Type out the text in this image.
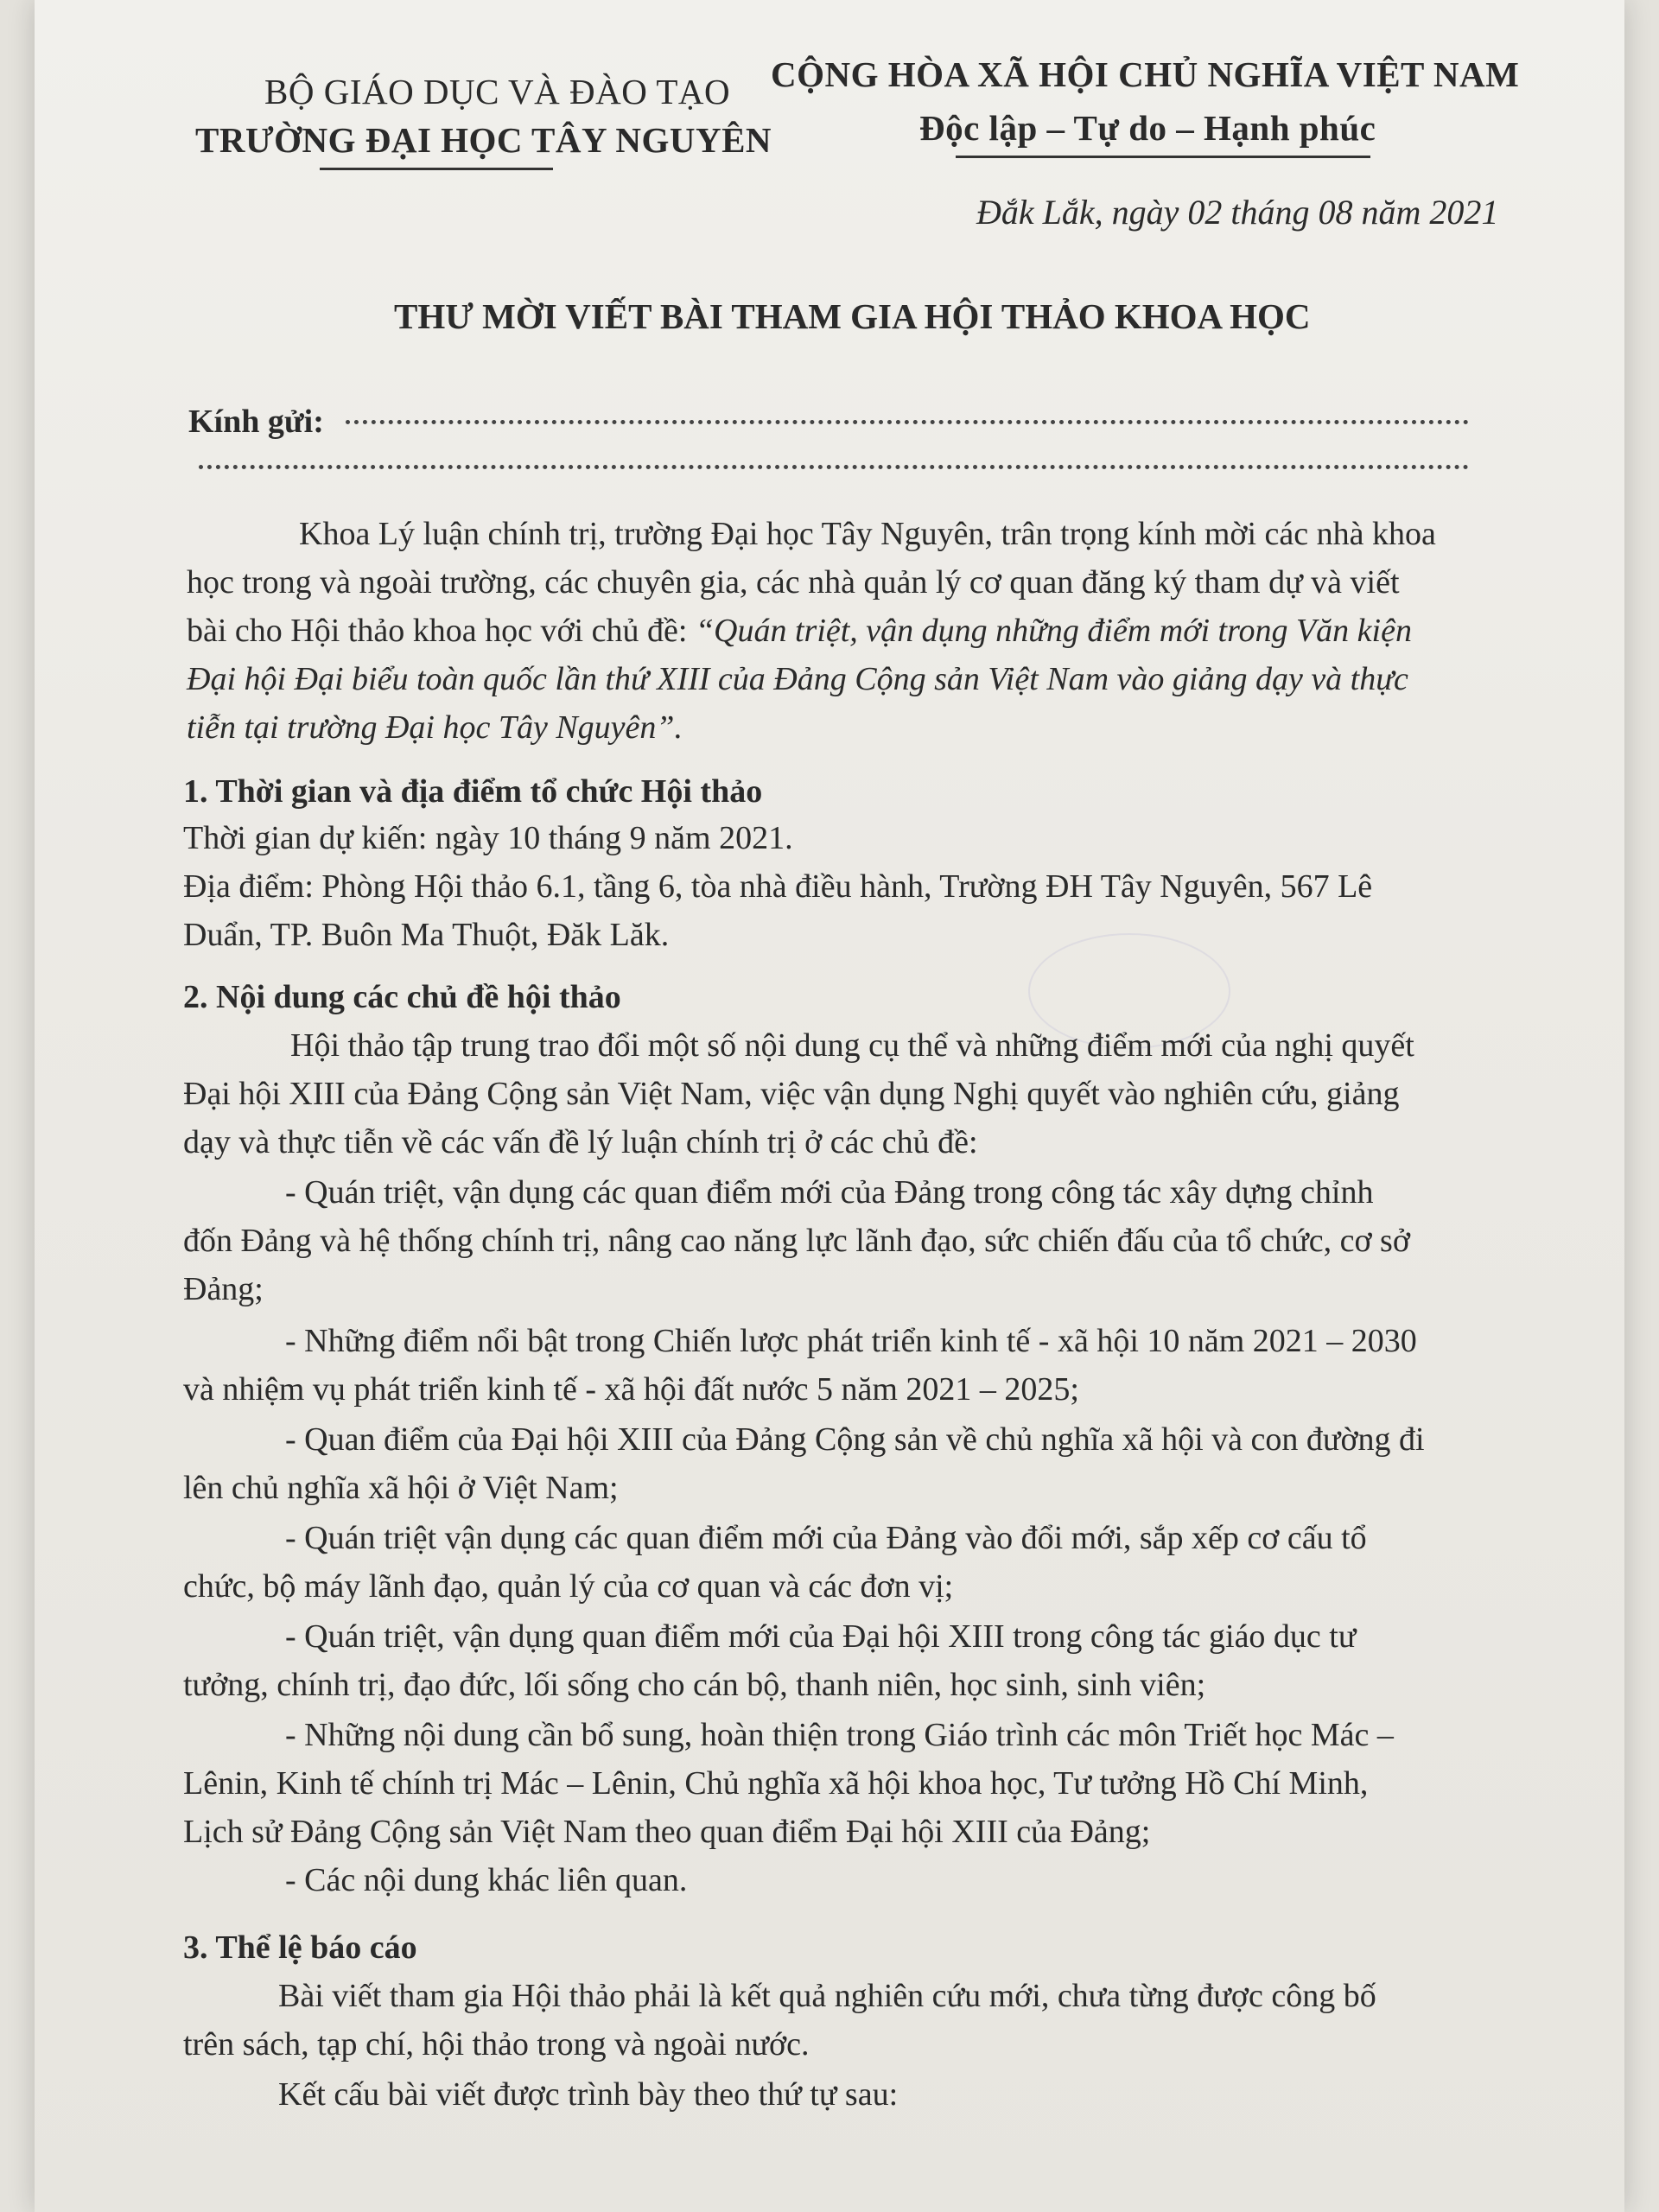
BỘ GIÁO DỤC VÀ ĐÀO TẠO
TRƯỜNG ĐẠI HỌC TÂY NGUYÊN
CỘNG HÒA XÃ HỘI CHỦ NGHĨA VIỆT NAM
Độc lập – Tự do – Hạnh phúc
Đắk Lắk, ngày 02 tháng 08 năm 2021
THƯ MỜI VIẾT BÀI THAM GIA HỘI THẢO KHOA HỌC
Kính gửi:
Khoa Lý luận chính trị, trường Đại học Tây Nguyên, trân trọng kính mời các nhà khoa
học trong và ngoài trường, các chuyên gia, các nhà quản lý cơ quan đăng ký tham dự và viết
bài cho Hội thảo khoa học với chủ đề: “Quán triệt, vận dụng những điểm mới trong Văn kiện
Đại hội Đại biểu toàn quốc lần thứ XIII của Đảng Cộng sản Việt Nam vào giảng dạy và thực
tiễn tại trường Đại học Tây Nguyên”.
1. Thời gian và địa điểm tổ chức Hội thảo
Thời gian dự kiến: ngày 10 tháng 9 năm 2021.
Địa điểm: Phòng Hội thảo 6.1, tầng 6, tòa nhà điều hành, Trường ĐH Tây Nguyên, 567 Lê
Duẩn, TP. Buôn Ma Thuột, Đăk Lăk.
2. Nội dung các chủ đề hội thảo
Hội thảo tập trung trao đổi một số nội dung cụ thể và những điểm mới của nghị quyết
Đại hội XIII của Đảng Cộng sản Việt Nam, việc vận dụng Nghị quyết vào nghiên cứu, giảng
dạy và thực tiễn về các vấn đề lý luận chính trị ở các chủ đề:
- Quán triệt, vận dụng các quan điểm mới của Đảng trong công tác xây dựng chỉnh
đốn Đảng và hệ thống chính trị, nâng cao năng lực lãnh đạo, sức chiến đấu của tổ chức, cơ sở
Đảng;
- Những điểm nổi bật trong Chiến lược phát triển kinh tế - xã hội 10 năm 2021 – 2030
và nhiệm vụ phát triển kinh tế - xã hội đất nước 5 năm 2021 – 2025;
- Quan điểm của Đại hội XIII của Đảng Cộng sản về chủ nghĩa xã hội và con đường đi
lên chủ nghĩa xã hội ở Việt Nam;
- Quán triệt vận dụng các quan điểm mới của Đảng vào đổi mới, sắp xếp cơ cấu tổ
chức, bộ máy lãnh đạo, quản lý của cơ quan và các đơn vị;
- Quán triệt, vận dụng quan điểm mới của Đại hội XIII trong công tác giáo dục tư
tưởng, chính trị, đạo đức, lối sống cho cán bộ, thanh niên, học sinh, sinh viên;
- Những nội dung cần bổ sung, hoàn thiện trong Giáo trình các môn Triết học Mác –
Lênin, Kinh tế chính trị Mác – Lênin, Chủ nghĩa xã hội khoa học, Tư tưởng Hồ Chí Minh,
Lịch sử Đảng Cộng sản Việt Nam theo quan điểm Đại hội XIII của Đảng;
- Các nội dung khác liên quan.
3. Thể lệ báo cáo
Bài viết tham gia Hội thảo phải là kết quả nghiên cứu mới, chưa từng được công bố
trên sách, tạp chí, hội thảo trong và ngoài nước.
Kết cấu bài viết được trình bày theo thứ tự sau:
